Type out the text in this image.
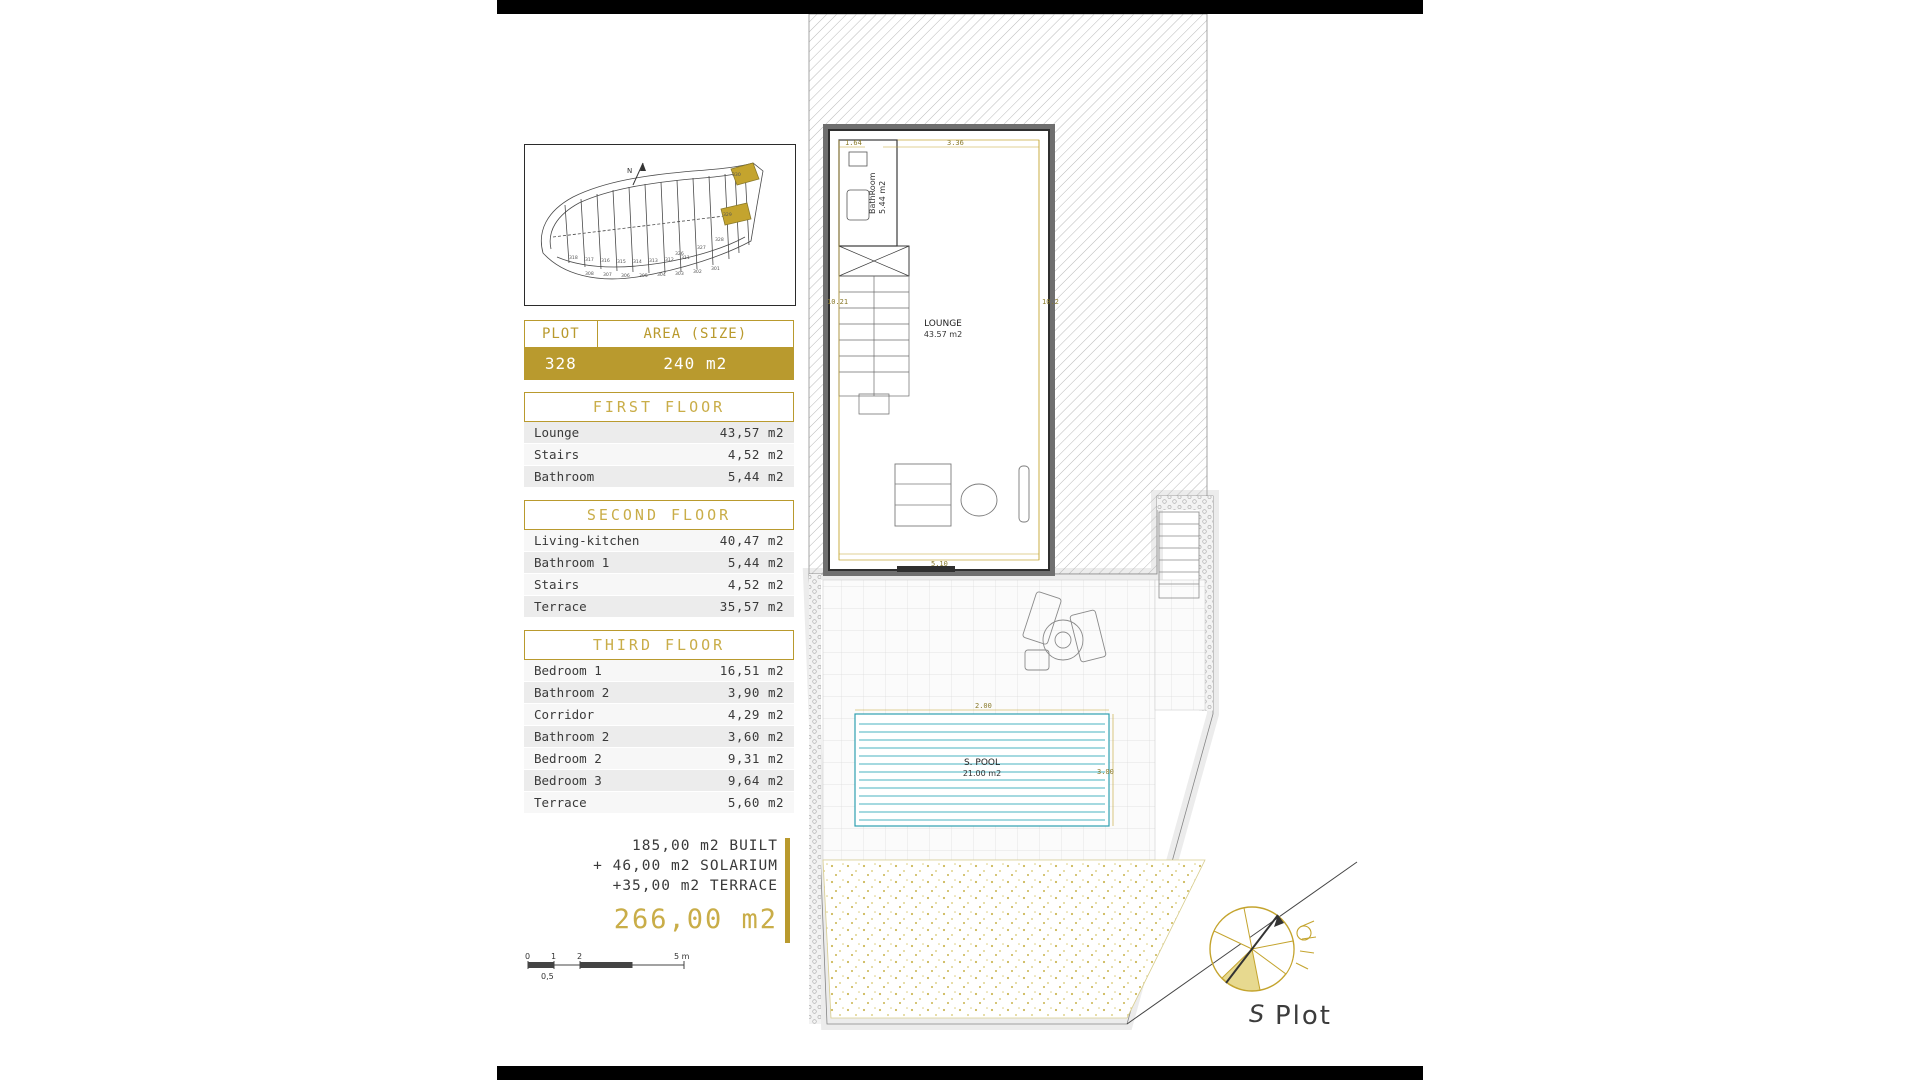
N
330
329
328
327
326
318 317 316 315 314 313 312 311
308 307 306 305 304 303 302
301
PLOT	AREA (SIZE)
328	240 m2
FIRST FLOOR
Lounge	43,57 m2
Stairs	4,52 m2
Bathroom	5,44 m2
SECOND FLOOR
Living-kitchen	40,47 m2
Bathroom 1	5,44 m2
Stairs	4,52 m2
Terrace	35,57 m2
THIRD FLOOR
Bedroom 1	16,51 m2
Bathroom 2	3,90 m2
Corridor	4,29 m2
Bathroom 2	3,60 m2
Bedroom 2	9,31 m2
Bedroom 3	9,64 m2
Terrace	5,60 m2
185,00 m2 BUILT
+ 46,00 m2 SOLARIUM
+35,00 m2 TERRACE
266,00 m2
0	1	2	5 m
0,5
BathRoom 5.44 m2
LOUNGE
43.57 m2
1.64	3.36
10.21	10.2
5.10
S. POOL
21.00 m2
2.00
3.00
Plot
S
